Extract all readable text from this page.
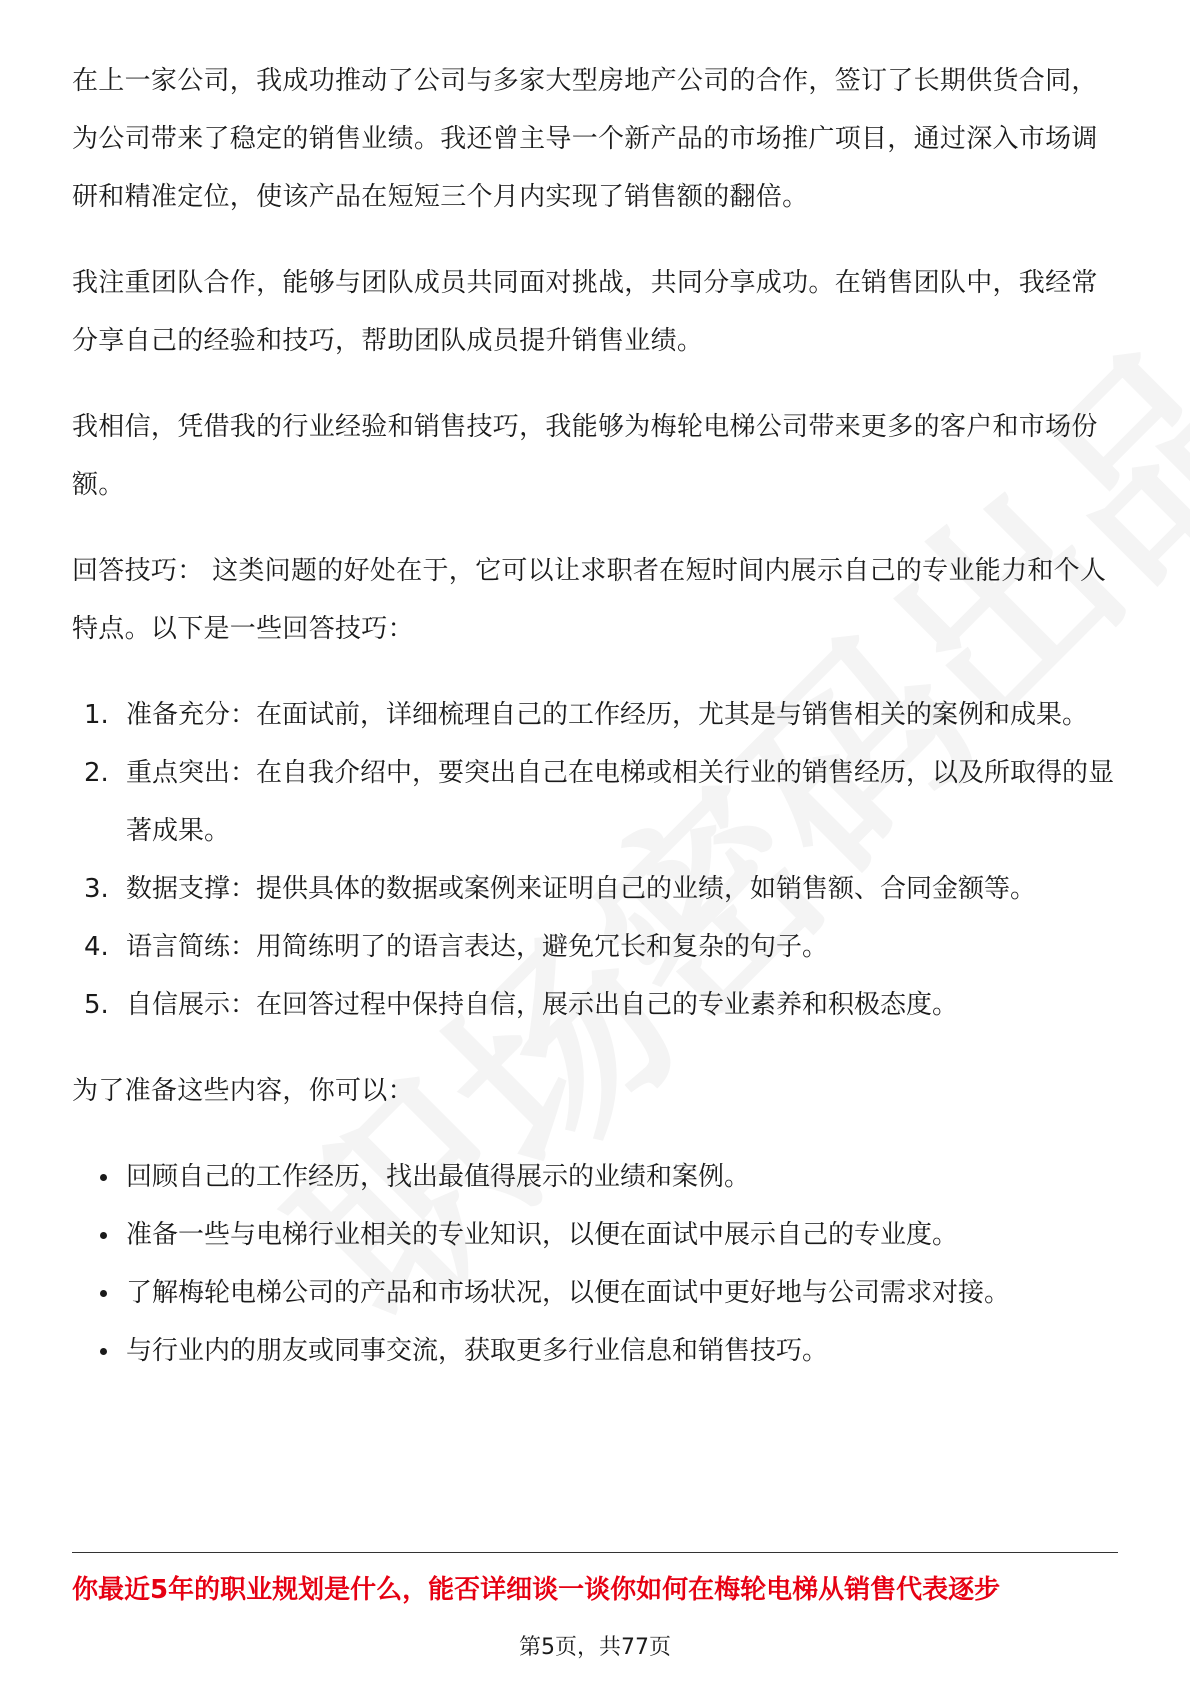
在上一家公司，我成功推动了公司与多家大型房地产公司的合作，签订了长期供货合同，为公司带来了稳定的销售业绩。我还曾主导一个新产品的市场推广项目，通过深入市场调研和精准定位，使该产品在短短三个月内实现了销售额的翻倍。

我注重团队合作，能够与团队成员共同面对挑战，共同分享成功。在销售团队中，我经常分享自己的经验和技巧，帮助团队成员提升销售业绩。

我相信，凭借我的行业经验和销售技巧，我能够为梅轮电梯公司带来更多的客户和市场份额。

回答技巧： 这类问题的好处在于，它可以让求职者在短时间内展示自己的专业能力和个人特点。以下是一些回答技巧：

1. 准备充分：在面试前，详细梳理自己的工作经历，尤其是与销售相关的案例和成果。
2. 重点突出：在自我介绍中，要突出自己在电梯或相关行业的销售经历，以及所取得的显著成果。
3. 数据支撑：提供具体的数据或案例来证明自己的业绩，如销售额、合同金额等。
4. 语言简练：用简练明了的语言表达，避免冗长和复杂的句子。
5. 自信展示：在回答过程中保持自信，展示出自己的专业素养和积极态度。

为了准备这些内容，你可以：

回顾自己的工作经历，找出最值得展示的业绩和案例。
准备一些与电梯行业相关的专业知识，以便在面试中展示自己的专业度。
了解梅轮电梯公司的产品和市场状况，以便在面试中更好地与公司需求对接。
与行业内的朋友或同事交流，获取更多行业信息和销售技巧。
你最近5年的职业规划是什么，能否详细谈一谈你如何在梅轮电梯从销售代表逐步
第5页，共77页
